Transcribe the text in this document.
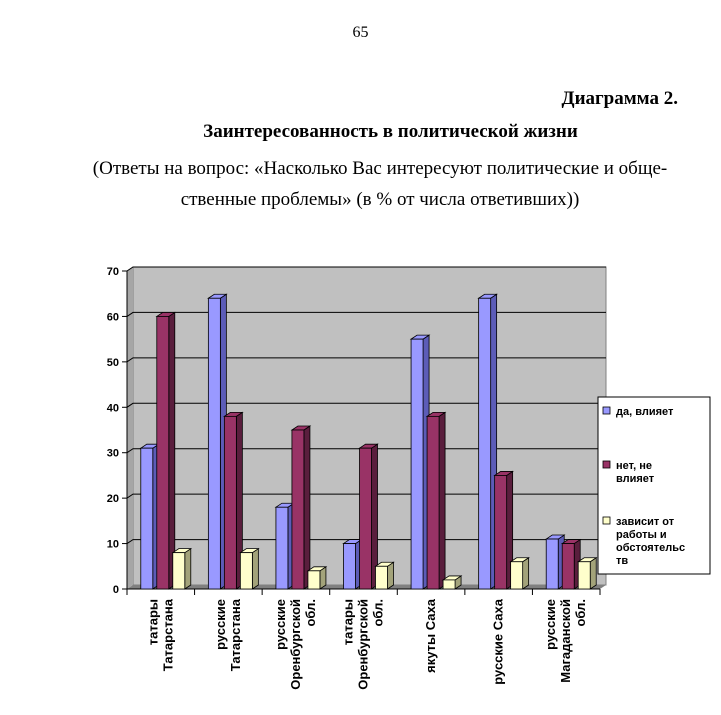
65
Диаграмма 2.
Заинтересованность в политической жизни
(Ответы на вопрос: «Насколько Вас интересуют политические и обще-
ственные проблемы» (в % от числа ответивших))
0
10
20
30
40
50
60
70
татары Татарстана	русские Татарстана русские Оренбургской обл. татары Оренбургской обл.	якуты Саха	русские Саха	русские Магаданской обл.
да, влияет
нет, не
влияет
зависит от
работы и
обстоятельс
тв
